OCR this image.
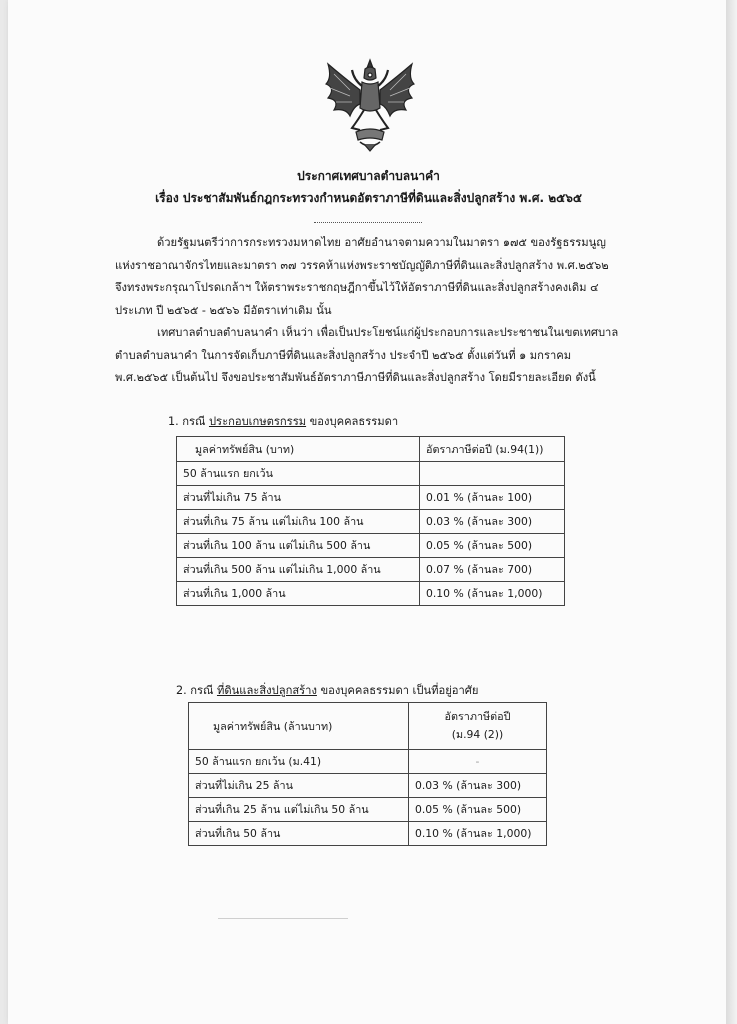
ประกาศเทศบาลตำบลนาคำ
เรื่อง ประชาสัมพันธ์กฎกระทรวงกำหนดอัตราภาษีที่ดินและสิ่งปลูกสร้าง พ.ศ. ๒๕๖๕
ด้วยรัฐมนตรีว่าการกระทรวงมหาดไทย อาศัยอำนาจตามความในมาตรา ๑๗๕ ของรัฐธรรมนูญแห่งราชอาณาจักรไทยและมาตรา ๓๗ วรรคห้าแห่งพระราชบัญญัติภาษีที่ดินและสิ่งปลูกสร้าง พ.ศ.๒๕๖๒ จึงทรงพระกรุณาโปรดเกล้าฯ ให้ตราพระราชกฤษฎีกาขึ้นไว้ให้อัตราภาษีที่ดินและสิ่งปลูกสร้างคงเดิม ๔ ประเภท ปี ๒๕๖๕ - ๒๕๖๖ มีอัตราเท่าเดิม นั้น
เทศบาลตำบลตำบลนาคำ เห็นว่า เพื่อเป็นประโยชน์แก่ผู้ประกอบการและประชาชนในเขตเทศบาลตำบลตำบลนาคำ ในการจัดเก็บภาษีที่ดินและสิ่งปลูกสร้าง ประจำปี ๒๕๖๕ ตั้งแต่วันที่ ๑ มกราคม พ.ศ.๒๕๖๕ เป็นต้นไป จึงขอประชาสัมพันธ์อัตราภาษีภาษีที่ดินและสิ่งปลูกสร้าง โดยมีรายละเอียด ดังนี้
1. กรณี ประกอบเกษตรกรรม ของบุคคลธรรมดา
มูลค่าทรัพย์สิน (บาท)	อัตราภาษีต่อปี (ม.94(1))
50 ล้านแรก ยกเว้น	
ส่วนที่ไม่เกิน 75 ล้าน	0.01 % (ล้านละ 100)
ส่วนที่เกิน 75 ล้าน แต่ไม่เกิน 100 ล้าน	0.03 % (ล้านละ 300)
ส่วนที่เกิน 100 ล้าน แต่ไม่เกิน 500 ล้าน	0.05 % (ล้านละ 500)
ส่วนที่เกิน 500 ล้าน แต่ไม่เกิน 1,000 ล้าน	0.07 % (ล้านละ 700)
ส่วนที่เกิน 1,000 ล้าน	0.10 % (ล้านละ 1,000)
2. กรณี ที่ดินและสิ่งปลูกสร้าง ของบุคคลธรรมดา เป็นที่อยู่อาศัย
มูลค่าทรัพย์สิน (ล้านบาท)	อัตราภาษีต่อปี
(ม.94 (2))

50 ล้านแรก ยกเว้น (ม.41)	-
ส่วนที่ไม่เกิน 25 ล้าน	0.03 % (ล้านละ 300)
ส่วนที่เกิน 25 ล้าน แต่ไม่เกิน 50 ล้าน	0.05 % (ล้านละ 500)
ส่วนที่เกิน 50 ล้าน	0.10 % (ล้านละ 1,000)
